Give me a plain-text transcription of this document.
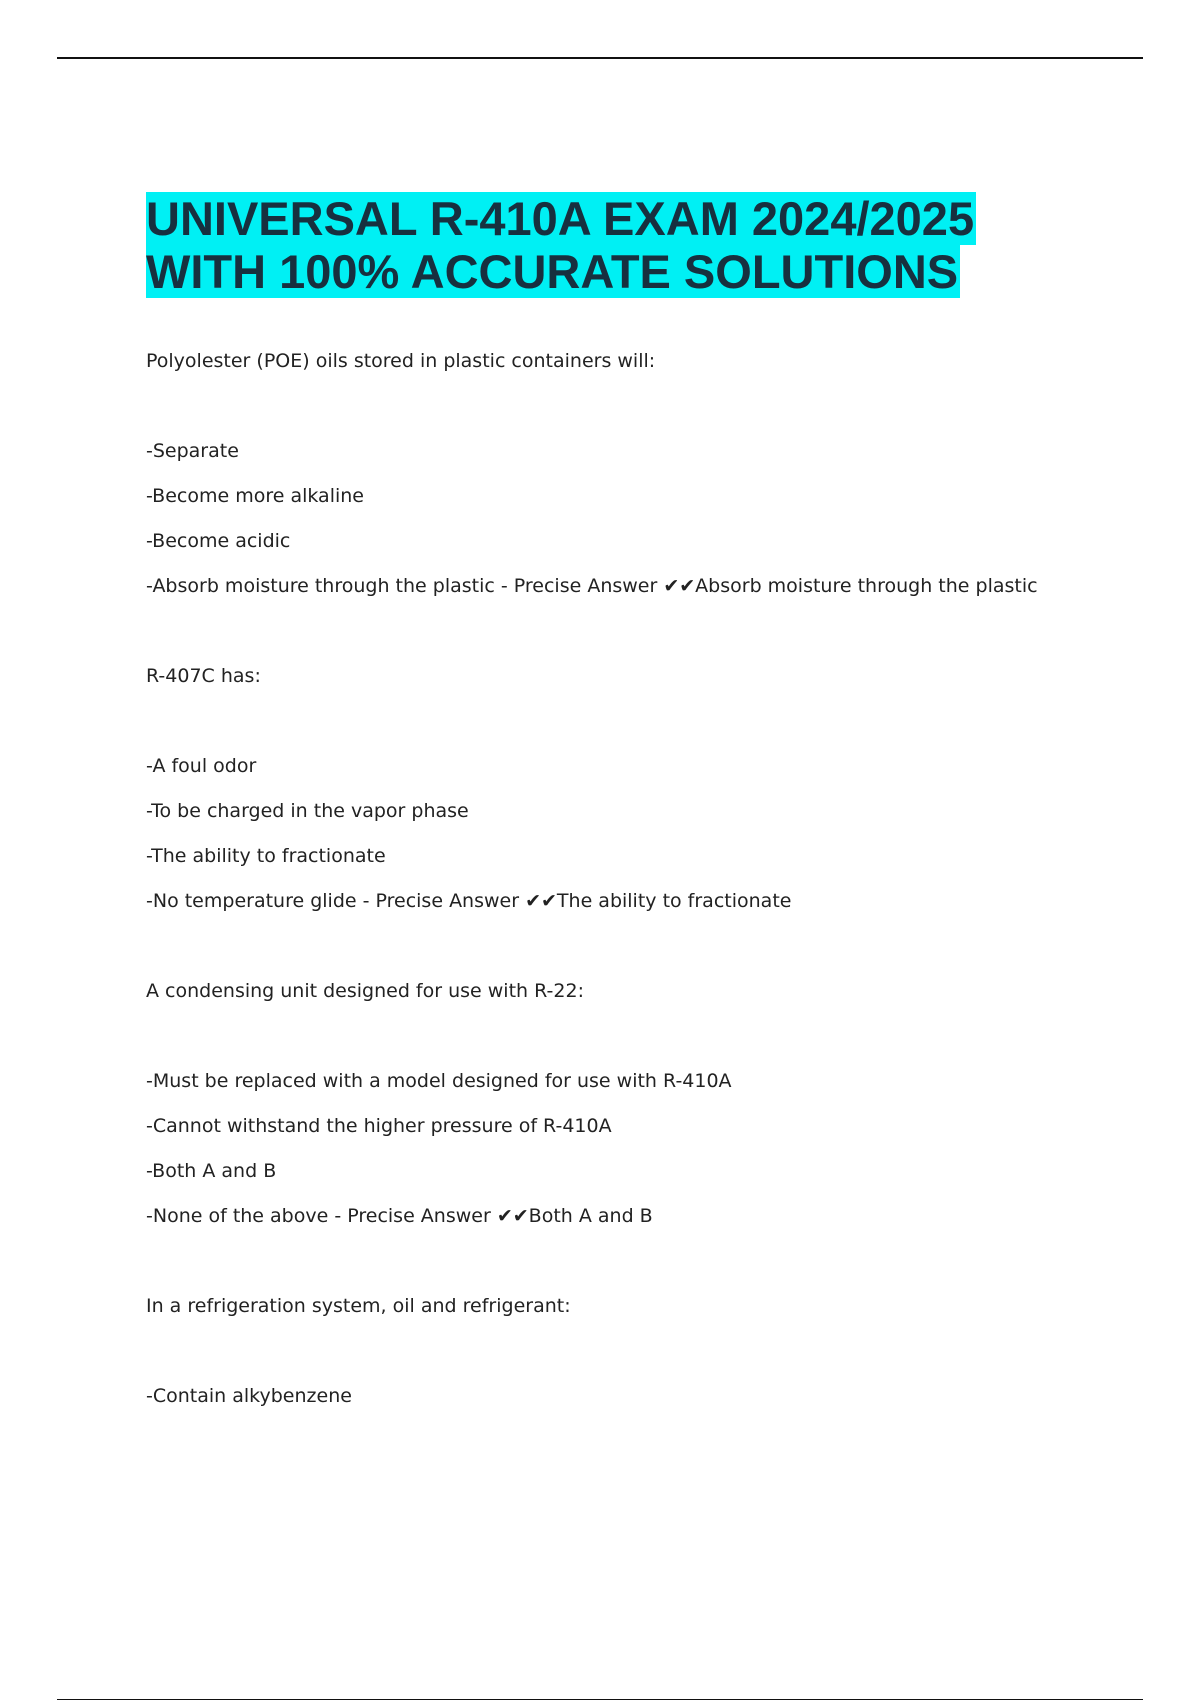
UNIVERSAL R-410A EXAM 2024/2025
WITH 100% ACCURATE SOLUTIONS
Polyolester (POE) oils stored in plastic containers will:
-Separate
-Become more alkaline
-Become acidic
-Absorb moisture through the plastic - Precise Answer ✔✔Absorb moisture through the plastic
R-407C has:
-A foul odor
-To be charged in the vapor phase
-The ability to fractionate
-No temperature glide - Precise Answer ✔✔The ability to fractionate
A condensing unit designed for use with R-22:
-Must be replaced with a model designed for use with R-410A
-Cannot withstand the higher pressure of R-410A
-Both A and B
-None of the above - Precise Answer ✔✔Both A and B
In a refrigeration system, oil and refrigerant:
-Contain alkybenzene
